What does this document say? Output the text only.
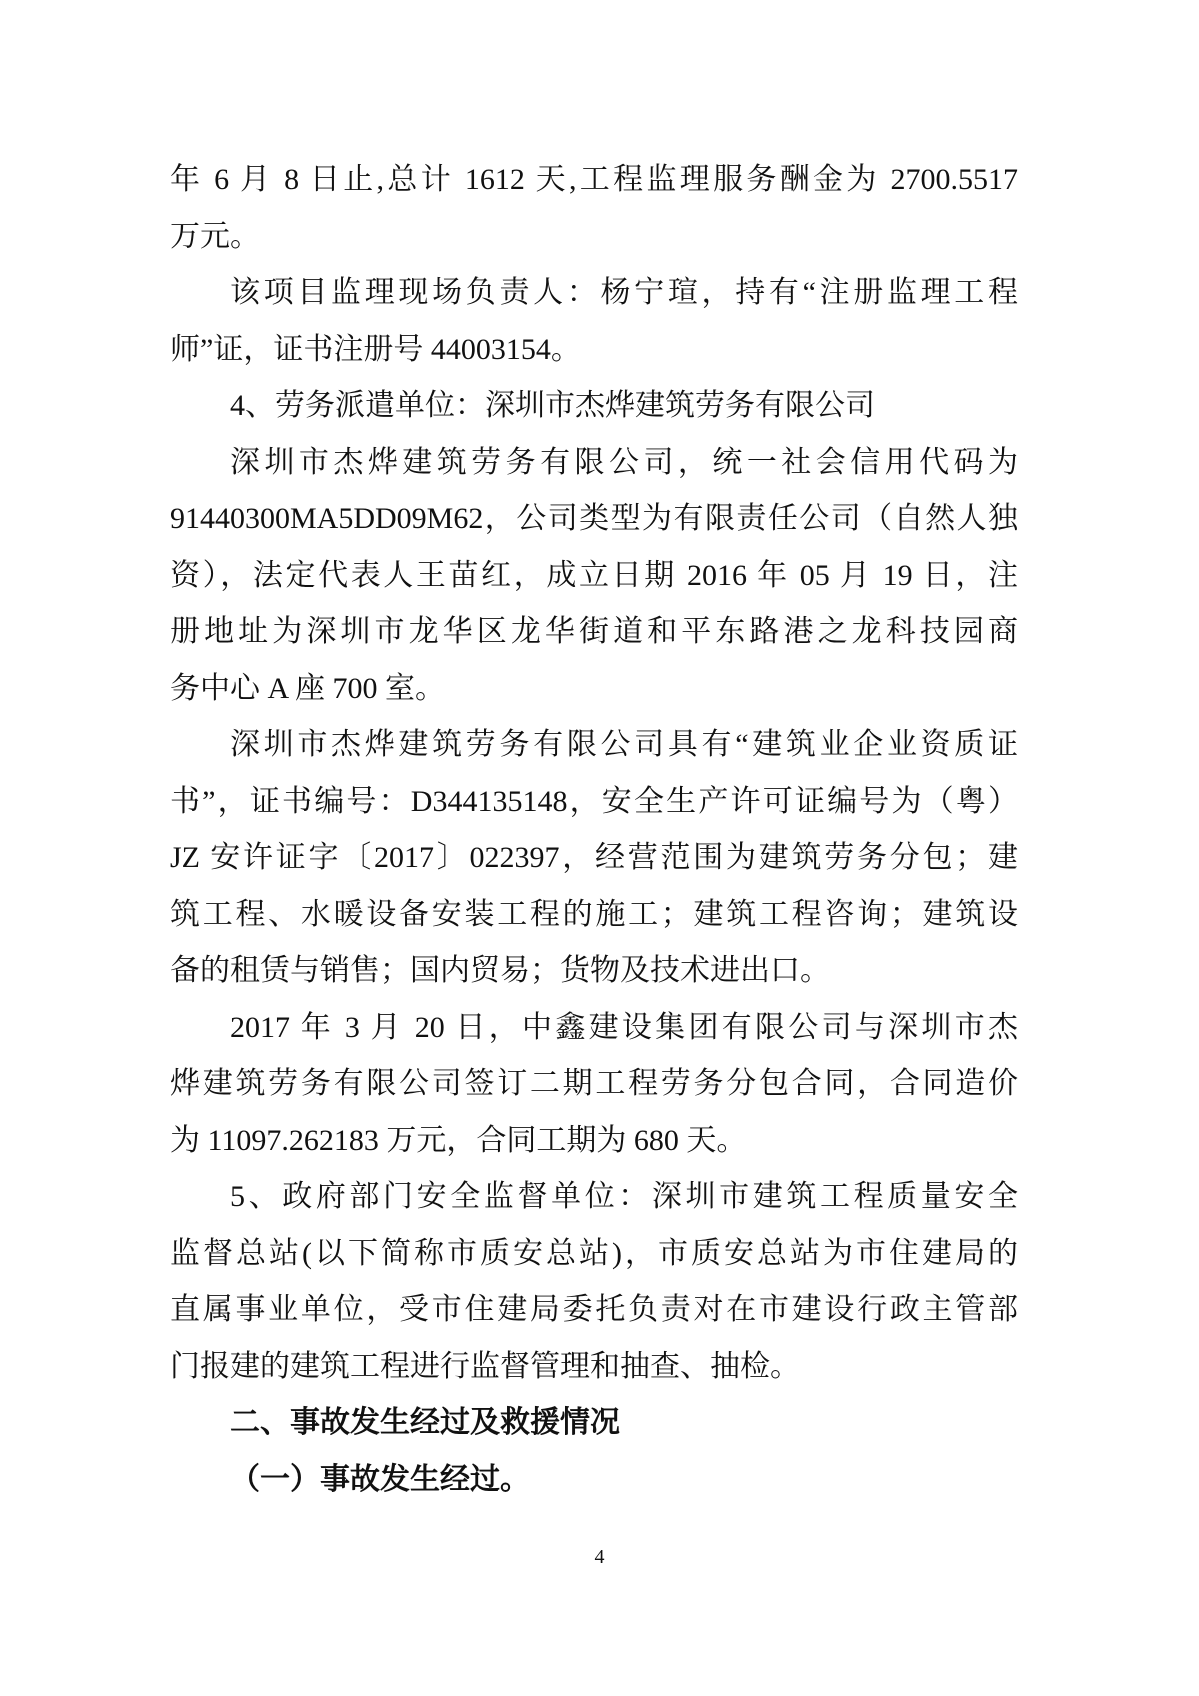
年 6 月 8 日止,总计 1612 天,工程监理服务酬金为 2700.5517
万元。
该项目监理现场负责人：杨宁瑄，持有“注册监理工程
师”证，证书注册号 44003154。
4、劳务派遣单位：深圳市杰烨建筑劳务有限公司
深圳市杰烨建筑劳务有限公司，统一社会信用代码为
91440300MA5DD09M62，公司类型为有限责任公司（自然人独
资），法定代表人王苗红，成立日期 2016 年 05 月 19 日，注
册地址为深圳市龙华区龙华街道和平东路港之龙科技园商
务中心 A 座 700 室。
深圳市杰烨建筑劳务有限公司具有“建筑业企业资质证
书”，证书编号：D344135148，安全生产许可证编号为（粤）
JZ 安许证字〔2017〕022397，经营范围为建筑劳务分包；建
筑工程、水暖设备安装工程的施工；建筑工程咨询；建筑设
备的租赁与销售；国内贸易；货物及技术进出口。
2017 年 3 月 20 日，中鑫建设集团有限公司与深圳市杰
烨建筑劳务有限公司签订二期工程劳务分包合同，合同造价
为 11097.262183 万元，合同工期为 680 天。
5、政府部门安全监督单位：深圳市建筑工程质量安全
监督总站(以下简称市质安总站)，市质安总站为市住建局的
直属事业单位，受市住建局委托负责对在市建设行政主管部
门报建的建筑工程进行监督管理和抽查、抽检。
二、事故发生经过及救援情况
（一）事故发生经过。
4
